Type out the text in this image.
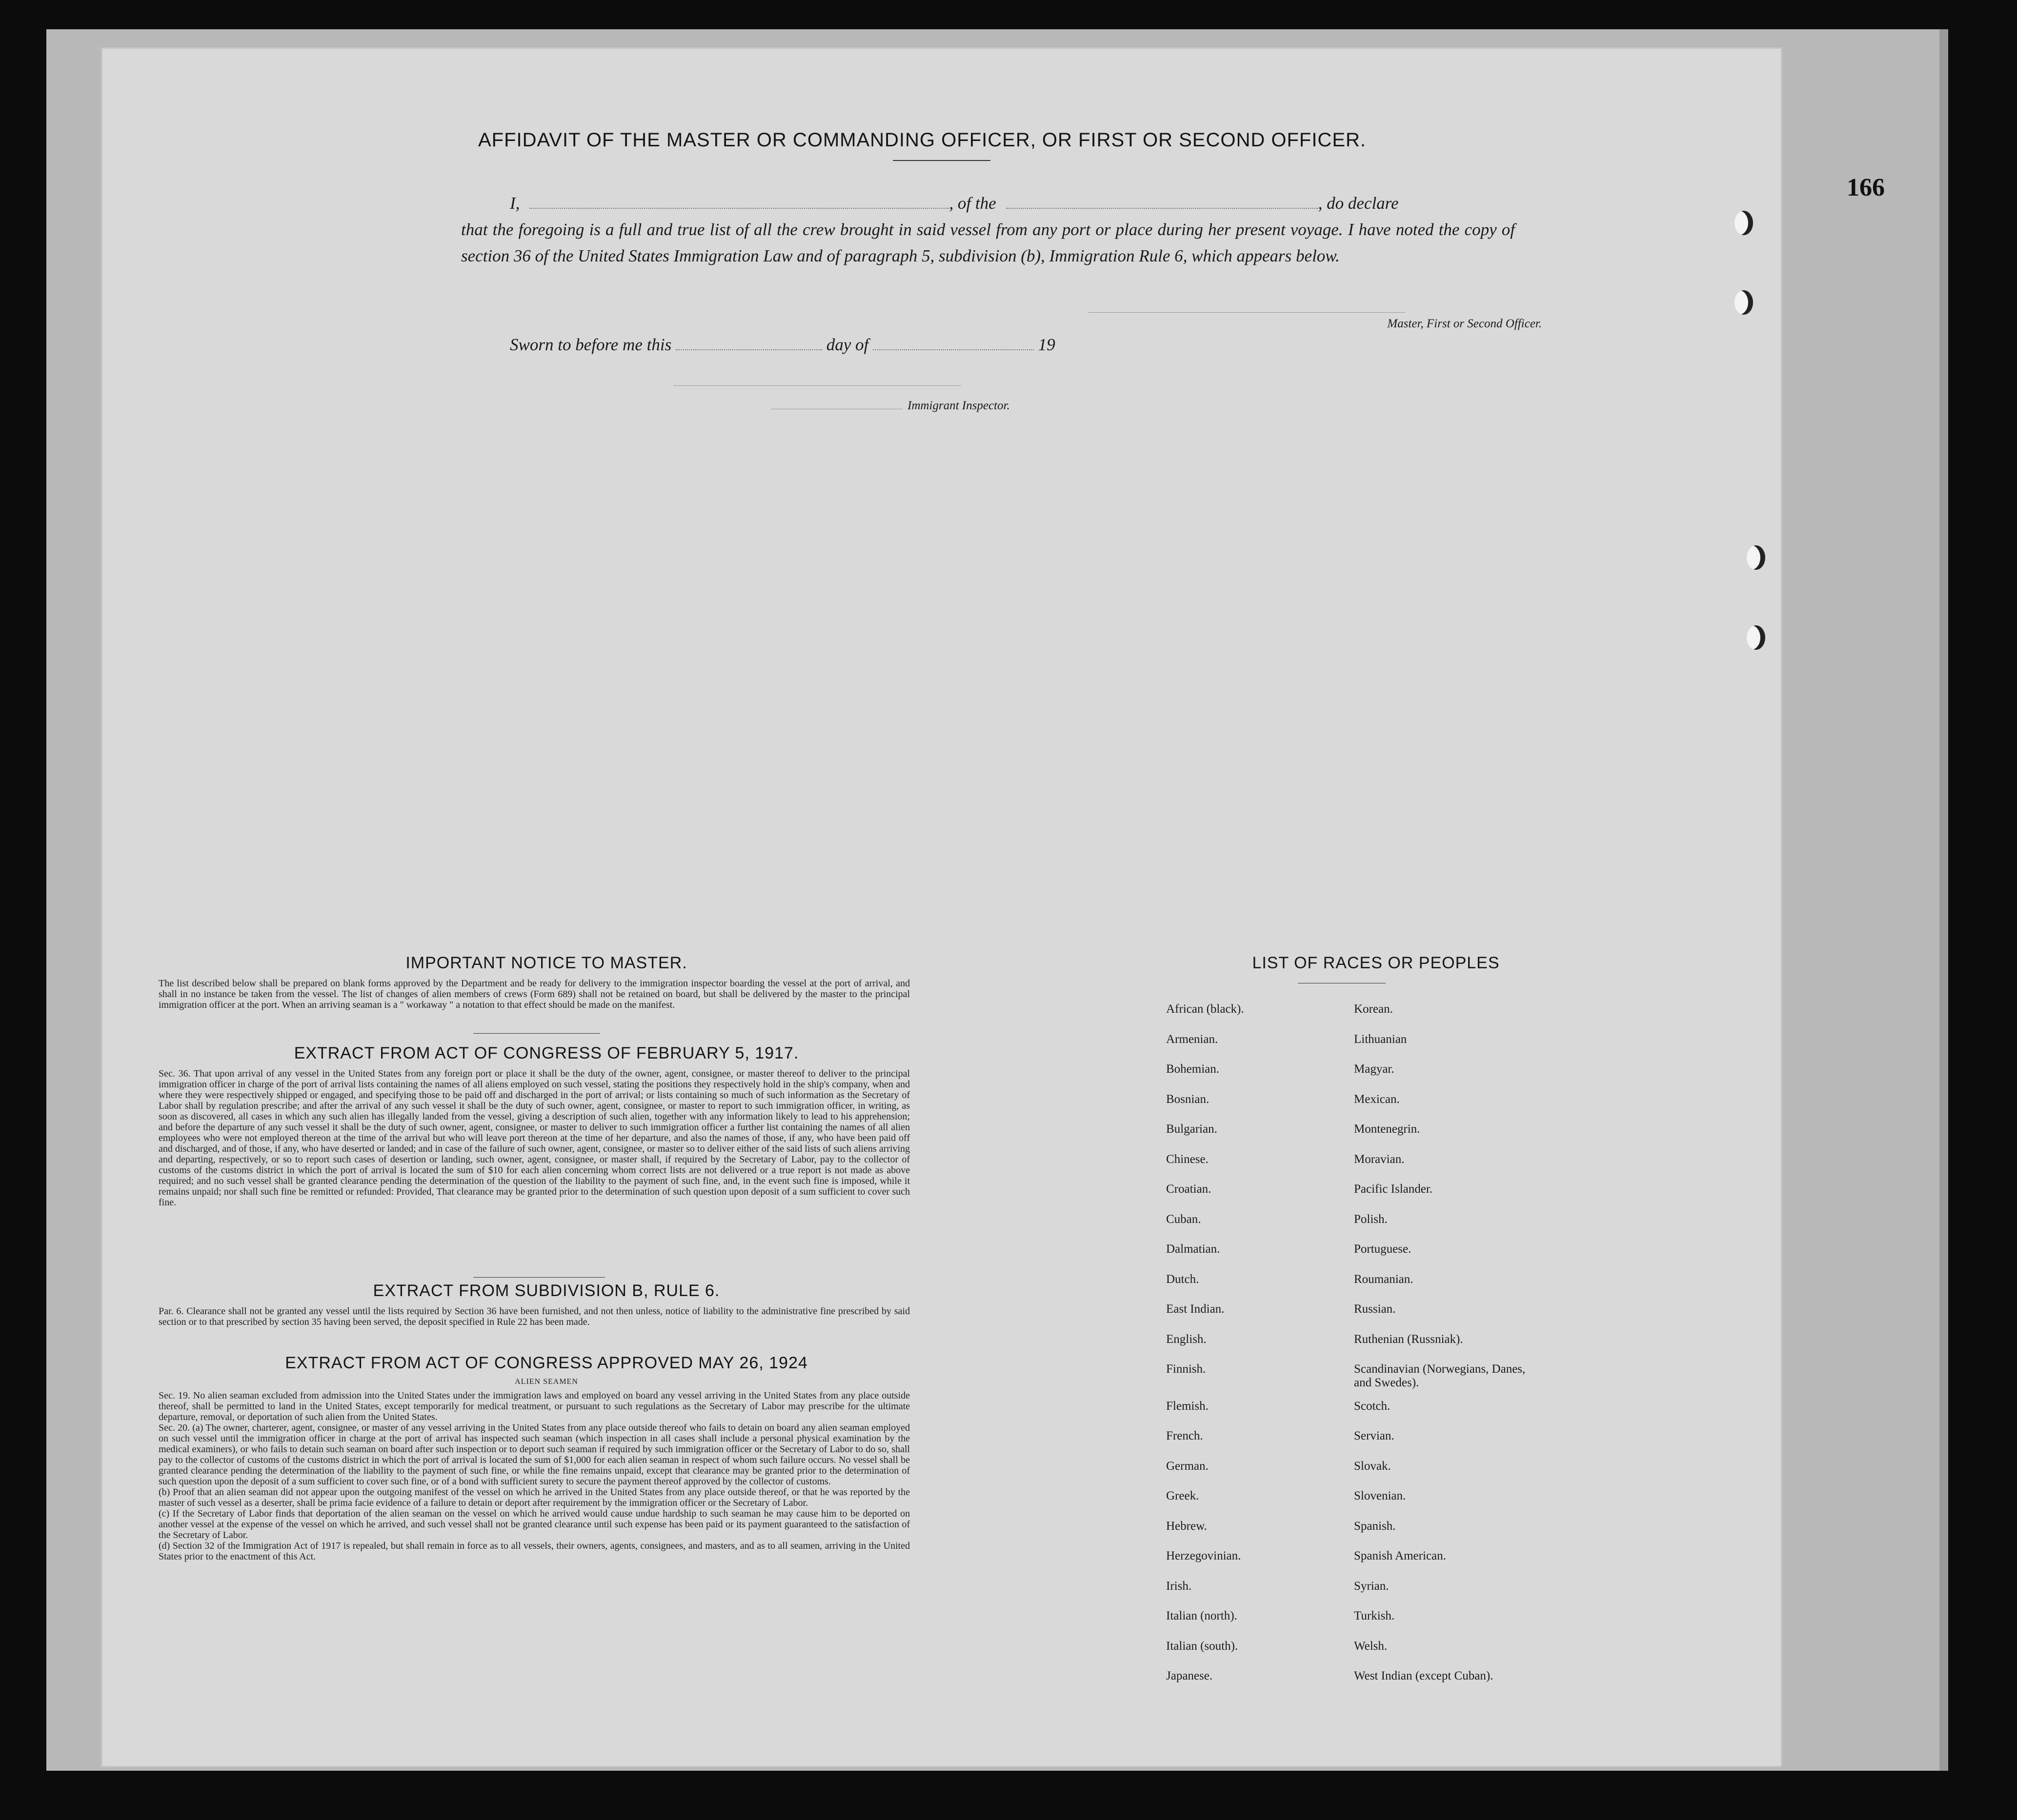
AFFIDAVIT OF THE MASTER OR COMMANDING OFFICER, OR FIRST OR SECOND OFFICER.
I,	, of the	, do declare
that the foregoing is a full and true list of all the crew brought in said vessel from any port or place during her present voyage. I have noted the copy of section 36 of the United States Immigration Law and of paragraph 5, subdivision (b), Immigration Rule 6, which appears below.
Master, First or Second Officer.
Sworn to before me this	day of	19
Immigrant Inspector.
IMPORTANT NOTICE TO MASTER.
The list described below shall be prepared on blank forms approved by the Department and be ready for delivery to the immigration inspector boarding the vessel at the port of arrival, and shall in no instance be taken from the vessel. The list of changes of alien members of crews (Form 689) shall not be retained on board, but shall be delivered by the master to the principal immigration officer at the port. When an arriving seaman is a " workaway " a notation to that effect should be made on the manifest.
EXTRACT FROM ACT OF CONGRESS OF FEBRUARY 5, 1917.
Sec. 36. That upon arrival of any vessel in the United States from any foreign port or place it shall be the duty of the owner, agent, consignee, or master thereof to deliver to the principal immigration officer in charge of the port of arrival lists containing the names of all aliens employed on such vessel, stating the positions they respectively hold in the ship's company, when and where they were respectively shipped or engaged, and specifying those to be paid off and discharged in the port of arrival; or lists containing so much of such information as the Secretary of Labor shall by regulation prescribe; and after the arrival of any such vessel it shall be the duty of such owner, agent, consignee, or master to report to such immigration officer, in writing, as soon as discovered, all cases in which any such alien has illegally landed from the vessel, giving a description of such alien, together with any information likely to lead to his apprehension; and before the departure of any such vessel it shall be the duty of such owner, agent, consignee, or master to deliver to such immigration officer a further list containing the names of all alien employees who were not employed thereon at the time of the arrival but who will leave port thereon at the time of her departure, and also the names of those, if any, who have been paid off and discharged, and of those, if any, who have deserted or landed; and in case of the failure of such owner, agent, consignee, or master so to deliver either of the said lists of such aliens arriving and departing, respectively, or so to report such cases of desertion or landing, such owner, agent, consignee, or master shall, if required by the Secretary of Labor, pay to the collector of customs of the customs district in which the port of arrival is located the sum of $10 for each alien concerning whom correct lists are not delivered or a true report is not made as above required; and no such vessel shall be granted clearance pending the determination of the question of the liability to the payment of such fine, and, in the event such fine is imposed, while it remains unpaid; nor shall such fine be remitted or refunded: Provided, That clearance may be granted prior to the determination of such question upon deposit of a sum sufficient to cover such fine.
EXTRACT FROM SUBDIVISION B, RULE 6.
Par. 6. Clearance shall not be granted any vessel until the lists required by Section 36 have been furnished, and not then unless, notice of liability to the administrative fine prescribed by said section or to that prescribed by section 35 having been served, the deposit specified in Rule 22 has been made.
EXTRACT FROM ACT OF CONGRESS APPROVED MAY 26, 1924
ALIEN SEAMEN
Sec. 19. No alien seaman excluded from admission into the United States under the immigration laws and employed on board any vessel arriving in the United States from any place outside thereof, shall be permitted to land in the United States, except temporarily for medical treatment, or pursuant to such regulations as the Secretary of Labor may prescribe for the ultimate departure, removal, or deportation of such alien from the United States.
Sec. 20. (a) The owner, charterer, agent, consignee, or master of any vessel arriving in the United States from any place outside thereof who fails to detain on board any alien seaman employed on such vessel until the immigration officer in charge at the port of arrival has inspected such seaman (which inspection in all cases shall include a personal physical examination by the medical examiners), or who fails to detain such seaman on board after such inspection or to deport such seaman if required by such immigration officer or the Secretary of Labor to do so, shall pay to the collector of customs of the customs district in which the port of arrival is located the sum of $1,000 for each alien seaman in respect of whom such failure occurs. No vessel shall be granted clearance pending the determination of the liability to the payment of such fine, or while the fine remains unpaid, except that clearance may be granted prior to the determination of such question upon the deposit of a sum sufficient to cover such fine, or of a bond with sufficient surety to secure the payment thereof approved by the collector of customs.
(b) Proof that an alien seaman did not appear upon the outgoing manifest of the vessel on which he arrived in the United States from any place outside thereof, or that he was reported by the master of such vessel as a deserter, shall be prima facie evidence of a failure to detain or deport after requirement by the immigration officer or the Secretary of Labor.
(c) If the Secretary of Labor finds that deportation of the alien seaman on the vessel on which he arrived would cause undue hardship to such seaman he may cause him to be deported on another vessel at the expense of the vessel on which he arrived, and such vessel shall not be granted clearance until such expense has been paid or its payment guaranteed to the satisfaction of the Secretary of Labor.
(d) Section 32 of the Immigration Act of 1917 is repealed, but shall remain in force as to all vessels, their owners, agents, consignees, and masters, and as to all seamen, arriving in the United States prior to the enactment of this Act.
LIST OF RACES OR PEOPLES
African (black).
Armenian.
Bohemian.
Bosnian.
Bulgarian.
Chinese.
Croatian.
Cuban.
Dalmatian.
Dutch.
East Indian.
English.
Finnish.
Flemish.
French.
German.
Greek.
Hebrew.
Herzegovinian.
Irish.
Italian (north).
Italian (south).
Japanese.
Korean.
Lithuanian
Magyar.
Mexican.
Montenegrin.
Moravian.
Pacific Islander.
Polish.
Portuguese.
Roumanian.
Russian.
Ruthenian (Russniak).
Scandinavian (Norwegians, Danes, and Swedes).
Scotch.
Servian.
Slovak.
Slovenian.
Spanish.
Spanish American.
Syrian.
Turkish.
Welsh.
West Indian (except Cuban).
166
